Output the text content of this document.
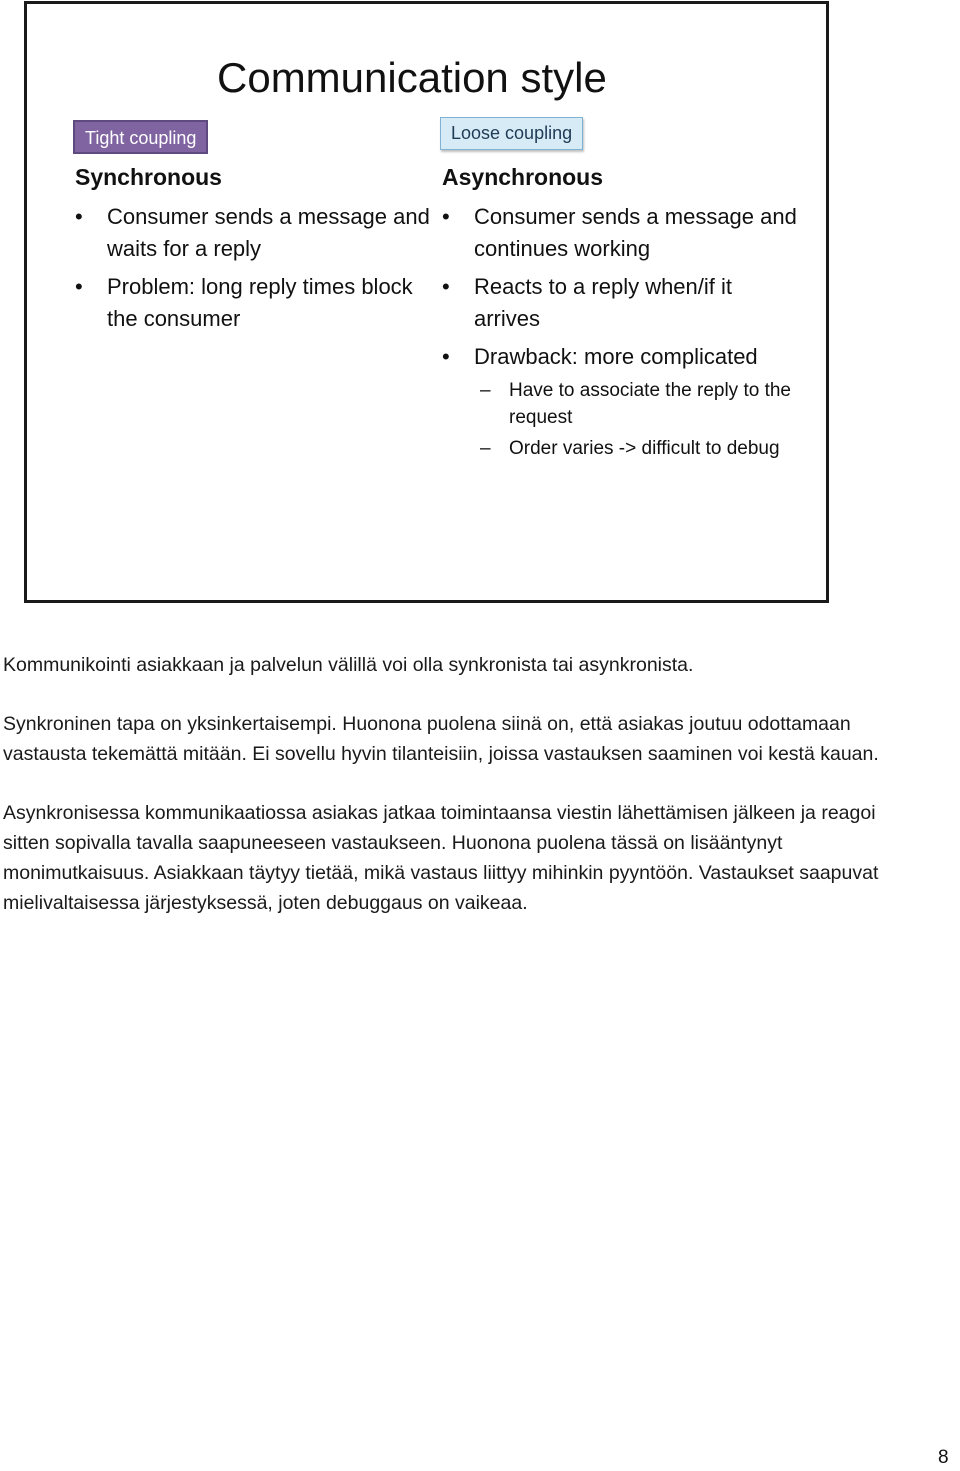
Communication style
Tight coupling	Loose coupling
Synchronous
• Consumer sends a message and waits for a reply
• Problem: long reply times block the consumer
Asynchronous
• Consumer sends a message and continues working
• Reacts to a reply when/if it arrives
• Drawback: more complicated
– Have to associate the reply to the request
– Order varies -> difficult to debug

Kommunikointi asiakkaan ja palvelun välillä voi olla synkronista tai asynkronista.

Synkroninen tapa on yksinkertaisempi. Huonona puolena siinä on, että asiakas joutuu odottamaan vastausta tekemättä mitään. Ei sovellu hyvin tilanteisiin, joissa vastauksen saaminen voi kestä kauan.

Asynkronisessa kommunikaatiossa asiakas jatkaa toimintaansa viestin lähettämisen jälkeen ja reagoi sitten sopivalla tavalla saapuneeseen vastaukseen. Huonona puolena tässä on lisääntynyt monimutkaisuus. Asiakkaan täytyy tietää, mikä vastaus liittyy mihinkin pyyntöön. Vastaukset saapuvat mielivaltaisessa järjestyksessä, joten debuggaus on vaikeaa.

8
